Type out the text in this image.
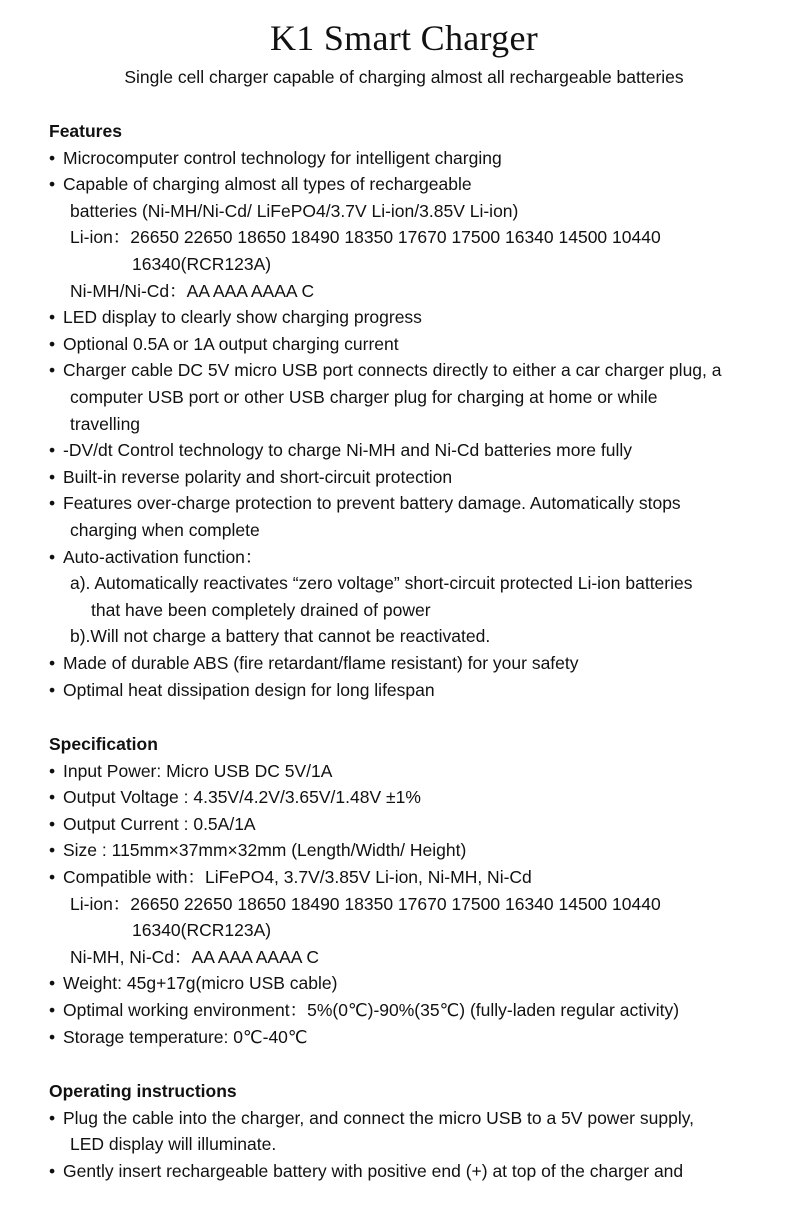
K1 Smart Charger
Single cell charger capable of charging almost all rechargeable batteries
Features
• Microcomputer control technology for intelligent charging
• Capable of charging almost all types of rechargeable
batteries (Ni-MH/Ni-Cd/ LiFePO4/3.7V Li-ion/3.85V Li-ion)
Li-ion：26650 22650 18650 18490 18350 17670 17500 16340 14500 10440
16340(RCR123A)
Ni-MH/Ni-Cd：AA AAA AAAA C
• LED display to clearly show charging progress
• Optional 0.5A or 1A output charging current
• Charger cable DC 5V micro USB port connects directly to either a car charger plug, a
computer USB port or other USB charger plug for charging at home or while
travelling
• -DV/dt Control technology to charge Ni-MH and Ni-Cd batteries more fully
• Built-in reverse polarity and short-circuit protection
• Features over-charge protection to prevent battery damage. Automatically stops
charging when complete
• Auto-activation function：
a). Automatically reactivates “zero voltage” short-circuit protected Li-ion batteries
that have been completely drained of power
b).Will not charge a battery that cannot be reactivated.
• Made of durable ABS (fire retardant/flame resistant) for your safety
• Optimal heat dissipation design for long lifespan
Specification
• Input Power: Micro USB DC 5V/1A
• Output Voltage : 4.35V/4.2V/3.65V/1.48V ±1%
• Output Current : 0.5A/1A
• Size : 115mm×37mm×32mm (Length/Width/ Height)
• Compatible with：LiFePO4, 3.7V/3.85V Li-ion, Ni-MH, Ni-Cd
Li-ion：26650 22650 18650 18490 18350 17670 17500 16340 14500 10440
16340(RCR123A)
Ni-MH, Ni-Cd：AA AAA AAAA C
• Weight: 45g+17g(micro USB cable)
• Optimal working environment：5%(0℃)-90%(35℃) (fully-laden regular activity)
• Storage temperature: 0℃-40℃
Operating instructions
• Plug the cable into the charger, and connect the micro USB to a 5V power supply,
LED display will illuminate.
• Gently insert rechargeable battery with positive end (+) at top of the charger and
